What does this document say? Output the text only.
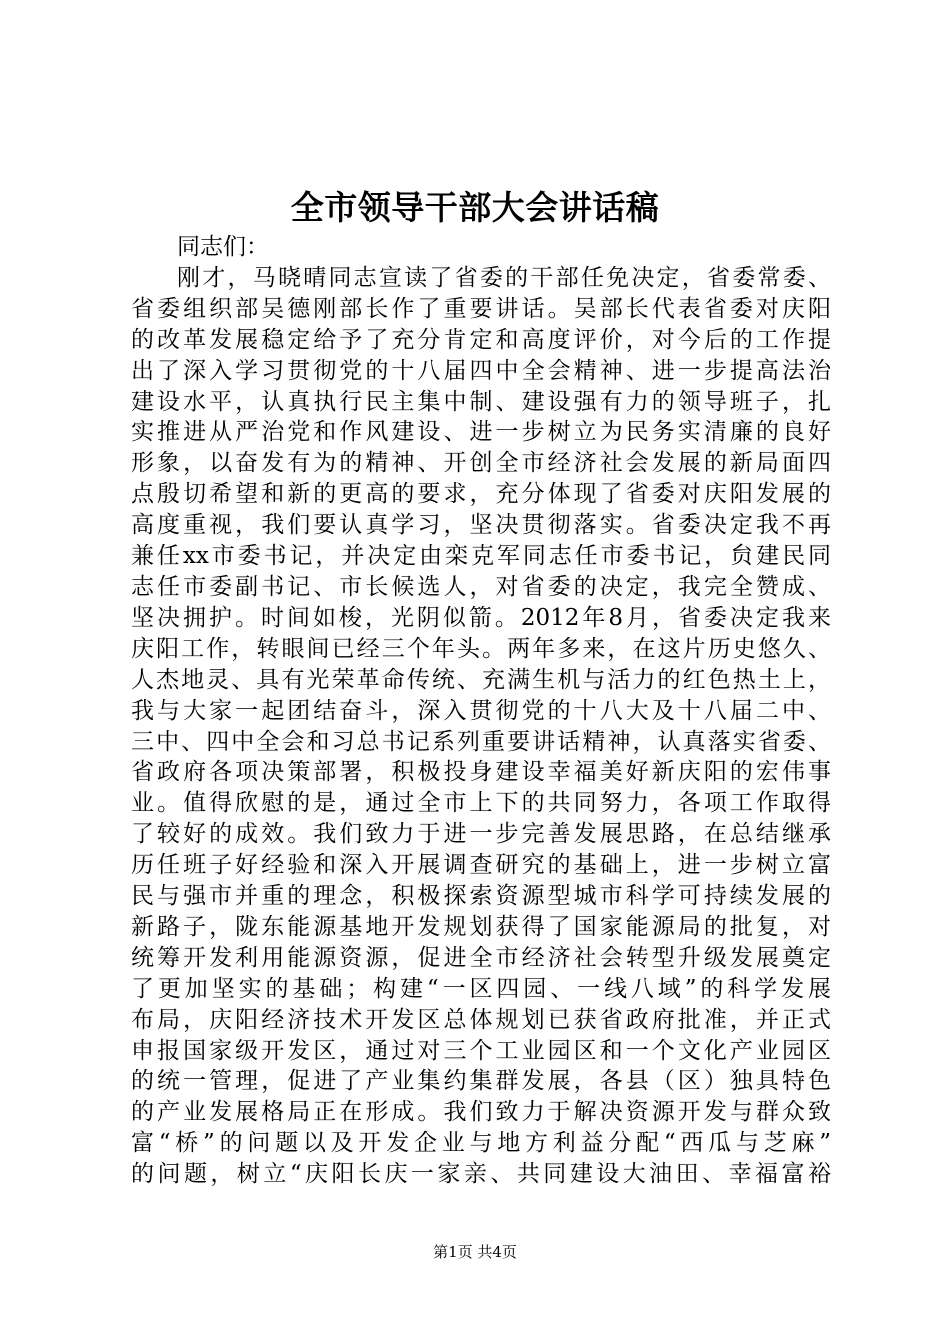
全市领导干部大会讲话稿
同志们：
刚才，马晓晴同志宣读了省委的干部任免决定，省委常委、
省委组织部吴德刚部长作了重要讲话。吴部长代表省委对庆阳
的改革发展稳定给予了充分肯定和高度评价，对今后的工作提
出了深入学习贯彻党的十八届四中全会精神、进一步提高法治
建设水平，认真执行民主集中制、建设强有力的领导班子，扎
实推进从严治党和作风建设、进一步树立为民务实清廉的良好
形象，以奋发有为的精神、开创全市经济社会发展的新局面四
点殷切希望和新的更高的要求，充分体现了省委对庆阳发展的
高度重视，我们要认真学习，坚决贯彻落实。省委决定我不再
兼任xx市委书记，并决定由栾克军同志任市委书记，贠建民同
志任市委副书记、市长候选人，对省委的决定，我完全赞成、
坚决拥护。时间如梭，光阴似箭。2012年8月，省委决定我来
庆阳工作，转眼间已经三个年头。两年多来，在这片历史悠久、
人杰地灵、具有光荣革命传统、充满生机与活力的红色热土上，
我与大家一起团结奋斗，深入贯彻党的十八大及十八届二中、
三中、四中全会和习总书记系列重要讲话精神，认真落实省委、
省政府各项决策部署，积极投身建设幸福美好新庆阳的宏伟事
业。值得欣慰的是，通过全市上下的共同努力，各项工作取得
了较好的成效。我们致力于进一步完善发展思路，在总结继承
历任班子好经验和深入开展调查研究的基础上，进一步树立富
民与强市并重的理念，积极探索资源型城市科学可持续发展的
新路子，陇东能源基地开发规划获得了国家能源局的批复，对
统筹开发利用能源资源，促进全市经济社会转型升级发展奠定
了更加坚实的基础；构建“一区四园、一线八域”的科学发展
布局，庆阳经济技术开发区总体规划已获省政府批准，并正式
申报国家级开发区，通过对三个工业园区和一个文化产业园区
的统一管理，促进了产业集约集群发展，各县（区）独具特色
的产业发展格局正在形成。我们致力于解决资源开发与群众致
富“桥”的问题以及开发企业与地方利益分配“西瓜与芝麻”
的问题，树立“庆阳长庆一家亲、共同建设大油田、幸福富裕
第1页 共4页
